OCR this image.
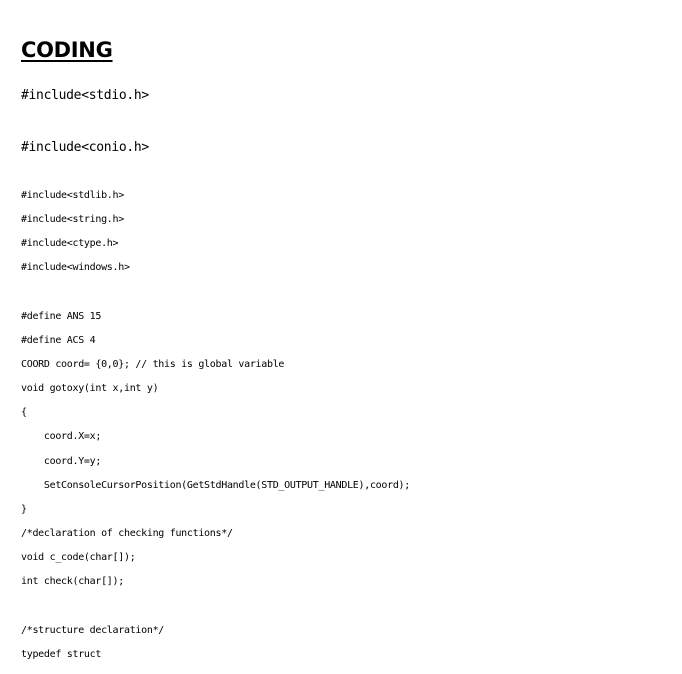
CODING
#include<stdio.h>
#include<conio.h>
#include<stdlib.h>
#include<string.h>
#include<ctype.h>
#include<windows.h>
#define ANS 15
#define ACS 4
COORD coord= {0,0}; // this is global variable
void gotoxy(int x,int y)
{
coord.X=x;
coord.Y=y;
SetConsoleCursorPosition(GetStdHandle(STD_OUTPUT_HANDLE),coord);
}
/*declaration of checking functions*/
void c_code(char[]);
int check(char[]);
/*structure declaration*/
typedef struct
